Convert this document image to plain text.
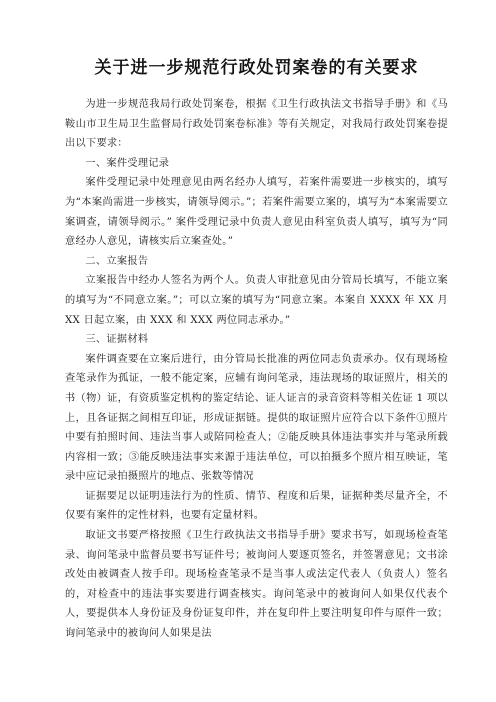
关于进一步规范行政处罚案卷的有关要求

为进一步规范我局行政处罚案卷，根据《卫生行政执法文书指导手册》和《马鞍山市卫生局卫生监督局行政处罚案卷标准》等有关规定，对我局行政处罚案卷提出以下要求：

一、案件受理记录

案件受理记录中处理意见由两名经办人填写，若案件需要进一步核实的，填写为“本案尚需进一步核实，请领导阅示。”；若案件需要立案的，填写为“本案需要立案调查，请领导阅示。” 案件受理记录中负责人意见由科室负责人填写，填写为“同意经办人意见，请核实后立案查处。”

二、立案报告

立案报告中经办人签名为两个人。负责人审批意见由分管局长填写，不能立案的填写为“不同意立案。”；可以立案的填写为“同意立案。本案自 XXXX 年 XX 月 XX 日起立案，由 XXX 和 XXX 两位同志承办。”

三、证据材料

案件调查要在立案后进行，由分管局长批准的两位同志负责承办。仅有现场检查笔录作为孤证，一般不能定案，应辅有询问笔录，违法现场的取证照片，相关的书（物）证，有资质鉴定机构的鉴定结论、证人证言的录音资料等相关佐证 1 项以上，且各证据之间相互印证，形成证据链。提供的取证照片应符合以下条件①照片中要有拍照时间、违法当事人或陪同检查人；②能反映具体违法事实并与笔录所载内容相一致；③能反映违法事实来源于违法单位，可以拍摄多个照片相互映证，笔录中应记录拍摄照片的地点、张数等情况

证据要足以证明违法行为的性质、情节、程度和后果，证据种类尽量齐全，不仅要有案件的定性材料，也要有定量材料。

取证文书要严格按照《卫生行政执法文书指导手册》要求书写，如现场检查笔录、询问笔录中监督员要书写证件号；被询问人要逐页签名，并签署意见；文书涂改处由被调查人按手印。现场检查笔录不是当事人或法定代表人（负责人）签名的，对检查中的违法事实要进行调查核实。询问笔录中的被询问人如果仅代表个人，要提供本人身份证及身份证复印件，并在复印件上要注明复印件与原件一致；询问笔录中的被询问人如果是法
